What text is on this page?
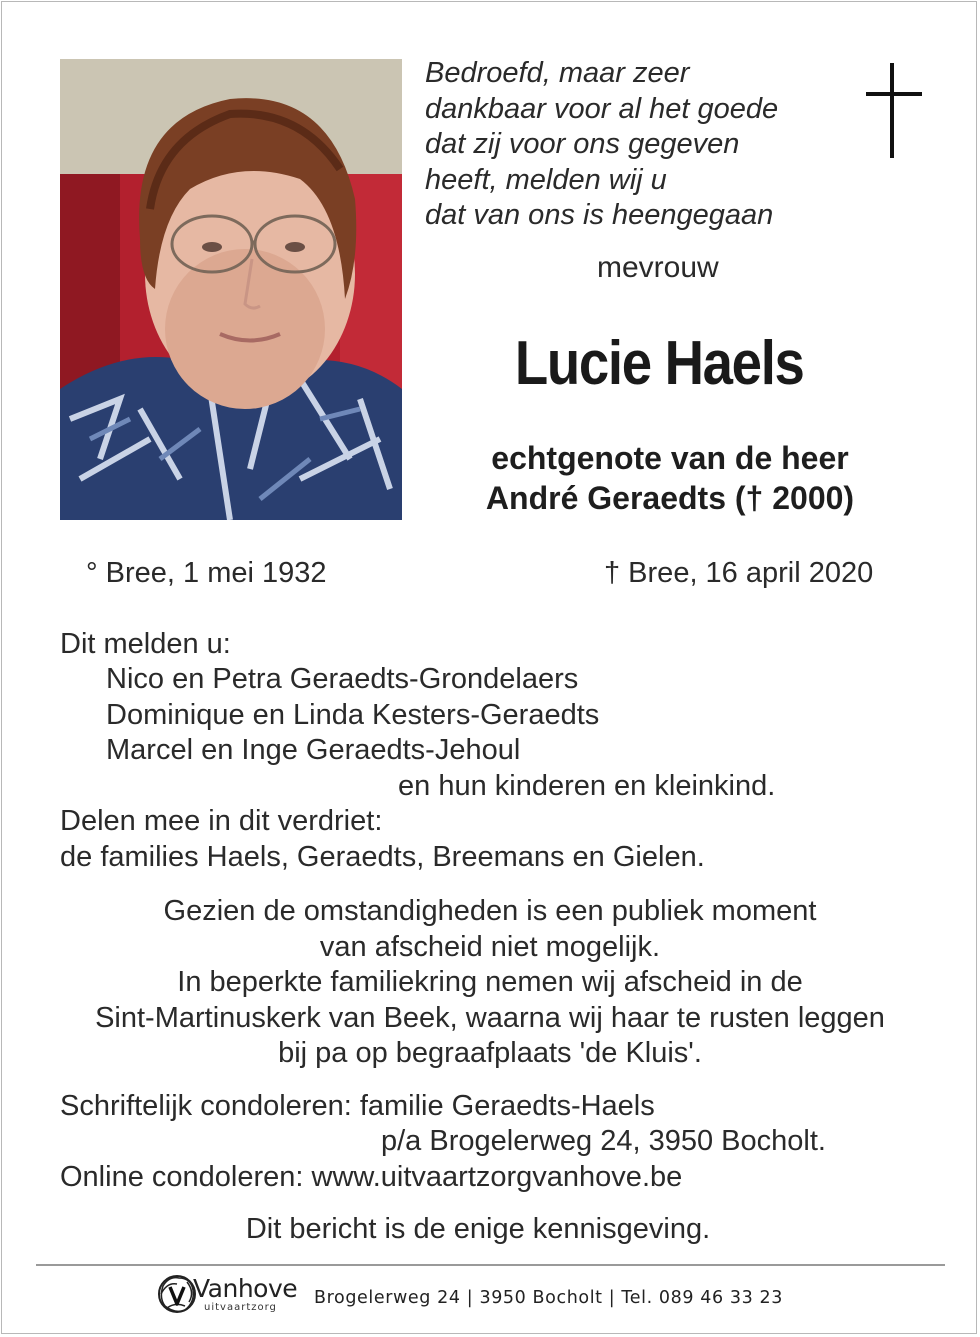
Bedroefd, maar zeer
dankbaar voor al het goede
dat zij voor ons gegeven
heeft, melden wij u
dat van ons is heengegaan
mevrouw
Lucie Haels
echtgenote van de heer
André Geraedts († 2000)
° Bree, 1 mei 1932	† Bree, 16 april 2020
Dit melden u:
Nico en Petra Geraedts-Grondelaers
Dominique en Linda Kesters-Geraedts
Marcel en Inge Geraedts-Jehoul
en hun kinderen en kleinkind.
Delen mee in dit verdriet:
de families Haels, Geraedts, Breemans en Gielen.
Gezien de omstandigheden is een publiek moment
van afscheid niet mogelijk.
In beperkte familiekring nemen wij afscheid in de
Sint-Martinuskerk van Beek, waarna wij haar te rusten leggen
bij pa op begraafplaats 'de Kluis'.
Schriftelijk condoleren: familie Geraedts-Haels
p/a Brogelerweg 24, 3950 Bocholt.
Online condoleren: www.uitvaartzorgvanhove.be
Dit bericht is de enige kennisgeving.
Vanhove
uitvaartzorg Brogelerweg 24 | 3950 Bocholt | Tel. 089 46 33 23
